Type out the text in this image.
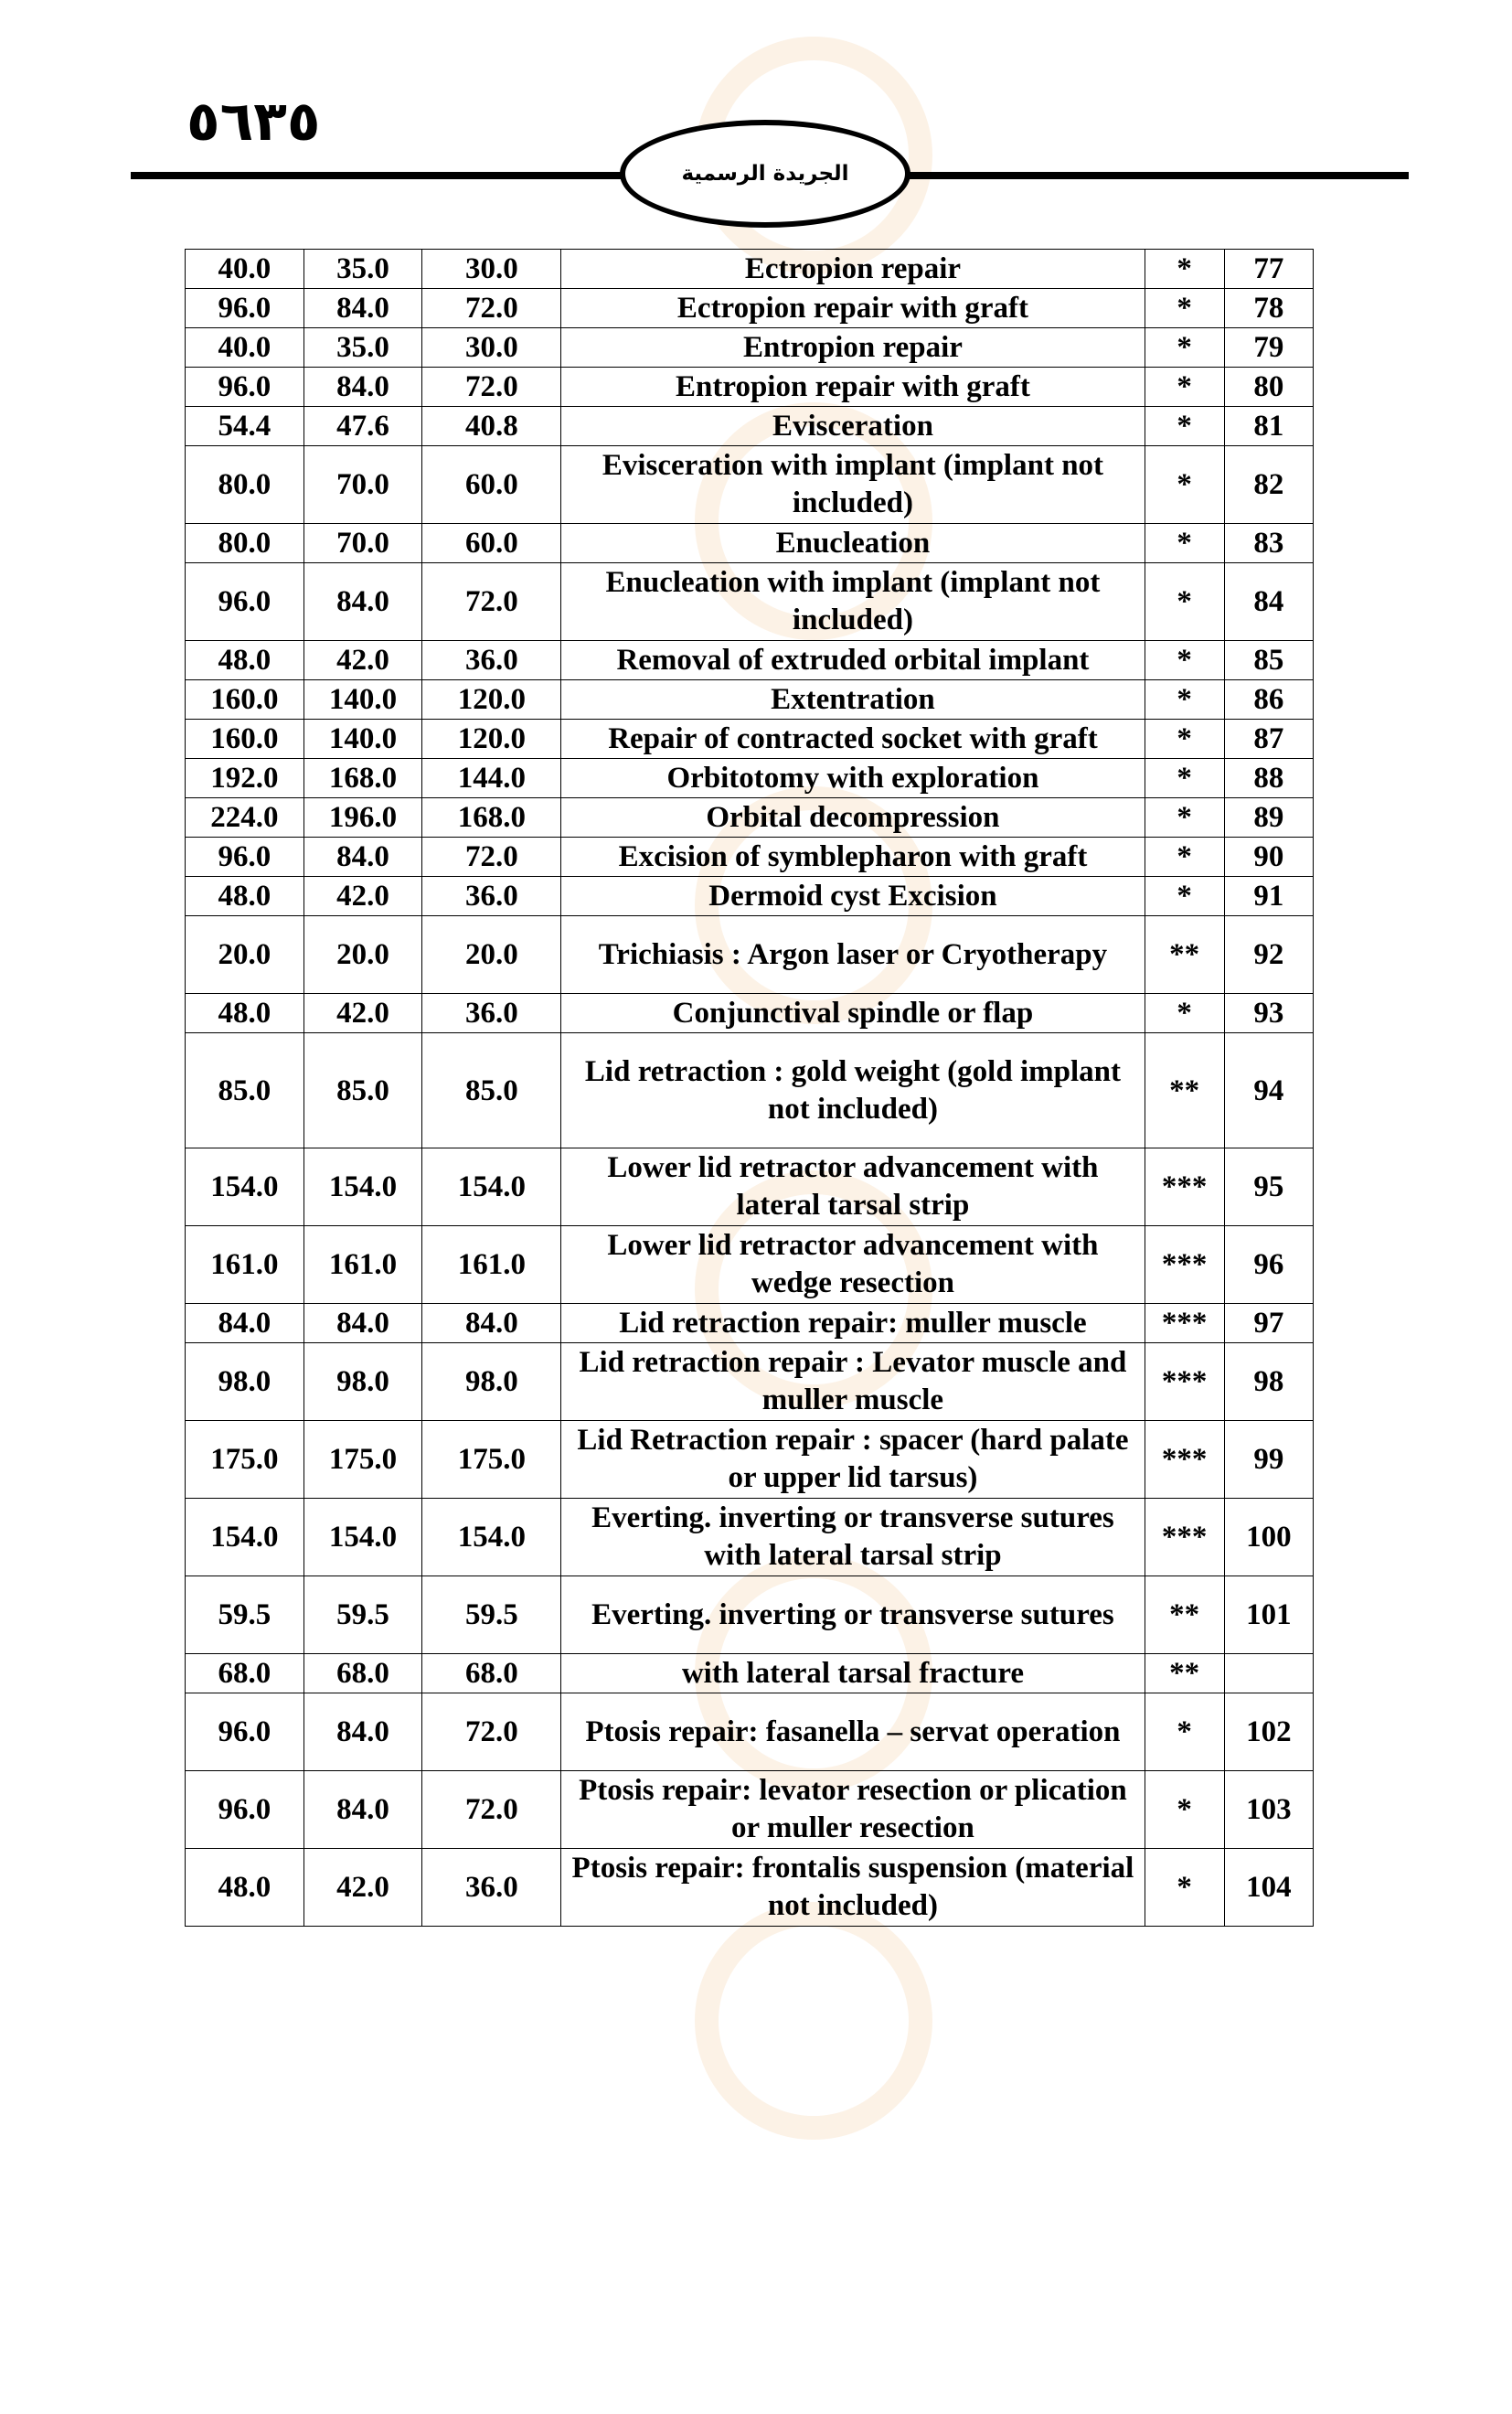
٥٦٣٥
الجريدة الرسمية
40.0	35.0	30.0	Ectropion repair	*	77
96.0	84.0	72.0	Ectropion repair with graft	*	78
40.0	35.0	30.0	Entropion repair	*	79
96.0	84.0	72.0	Entropion repair with graft	*	80
54.4	47.6	40.8	Evisceration	*	81
80.0	70.0	60.0	Evisceration with implant (implant not included)	*	82
80.0	70.0	60.0	Enucleation	*	83
96.0	84.0	72.0	Enucleation with implant (implant not included)	*	84
48.0	42.0	36.0	Removal of extruded orbital implant	*	85
160.0	140.0	120.0	Extentration	*	86
160.0	140.0	120.0	Repair of contracted socket with graft	*	87
192.0	168.0	144.0	Orbitotomy with exploration	*	88
224.0	196.0	168.0	Orbital decompression	*	89
96.0	84.0	72.0	Excision of symblepharon with graft	*	90
48.0	42.0	36.0	Dermoid cyst Excision	*	91
20.0	20.0	20.0	Trichiasis : Argon laser or Cryotherapy	**	92
48.0	42.0	36.0	Conjunctival spindle or flap	*	93
85.0	85.0	85.0	Lid retraction : gold weight (gold implant not included)	**	94
154.0	154.0	154.0	Lower lid retractor advancement with lateral tarsal strip	***	95
161.0	161.0	161.0	Lower lid retractor advancement with wedge resection	***	96
84.0	84.0	84.0	Lid retraction repair: muller muscle	***	97
98.0	98.0	98.0	Lid retraction repair : Levator muscle and muller muscle	***	98
175.0	175.0	175.0	Lid Retraction repair : spacer (hard palate or upper lid tarsus)	***	99
154.0	154.0	154.0	Everting. inverting or transverse sutures with lateral tarsal strip	***	100
59.5	59.5	59.5	Everting. inverting or transverse sutures	**	101
68.0	68.0	68.0	with lateral tarsal fracture	**	
96.0	84.0	72.0	Ptosis repair: fasanella – servat operation	*	102
96.0	84.0	72.0	Ptosis repair: levator resection or plication or muller resection	*	103
48.0	42.0	36.0	Ptosis repair: frontalis suspension (material not included)	*	104
